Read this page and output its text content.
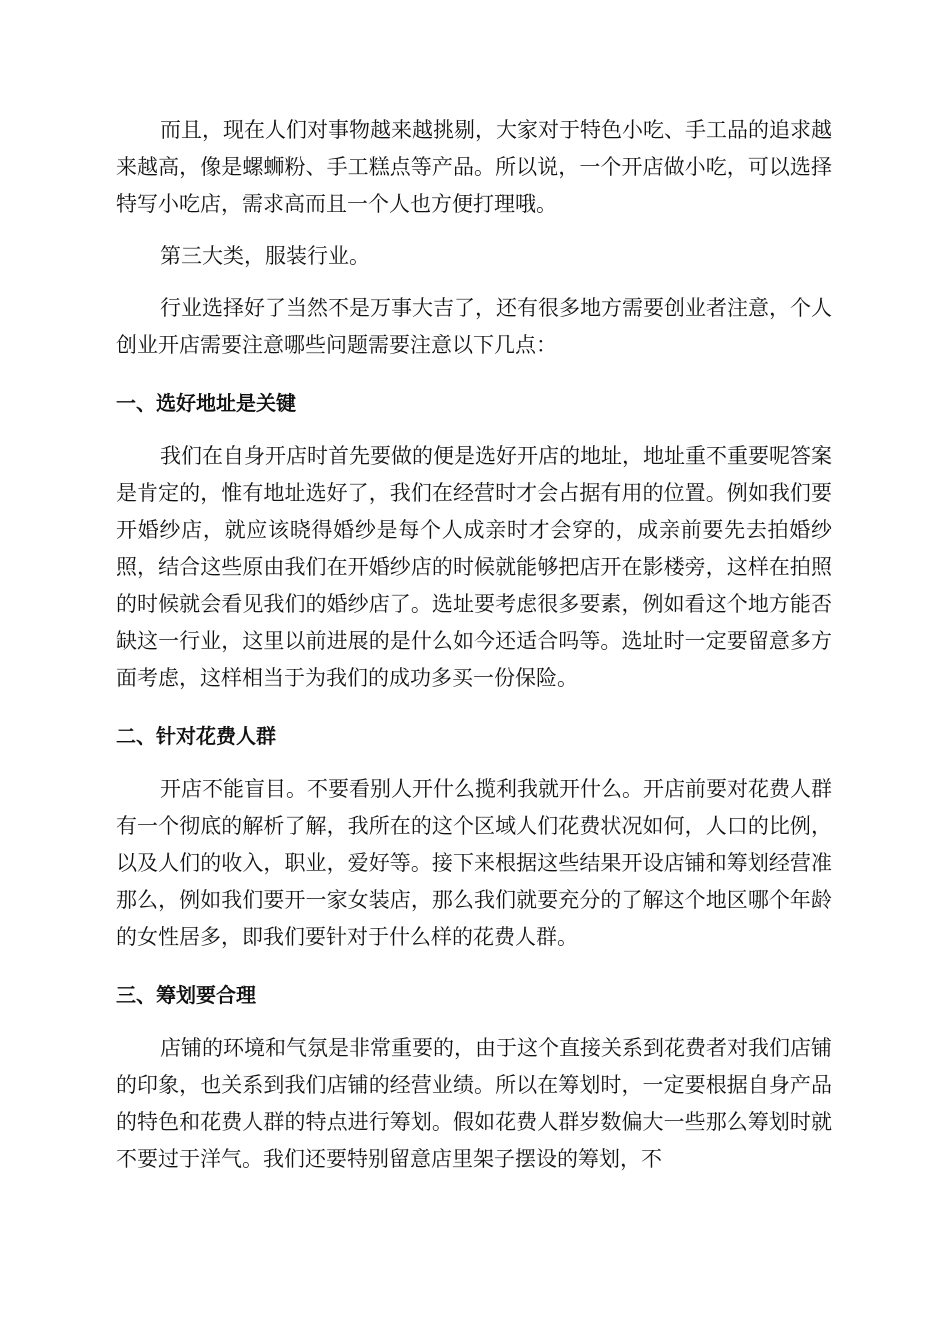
而且，现在人们对事物越来越挑剔，大家对于特色小吃、手工品的追求越来越高，像是螺蛳粉、手工糕点等产品。所以说，一个开店做小吃，可以选择特写小吃店，需求高而且一个人也方便打理哦。

第三大类，服装行业。

行业选择好了当然不是万事大吉了，还有很多地方需要创业者注意，个人创业开店需要注意哪些问题需要注意以下几点：

一、选好地址是关键

我们在自身开店时首先要做的便是选好开店的地址，地址重不重要呢答案是肯定的，惟有地址选好了，我们在经营时才会占据有用的位置。例如我们要开婚纱店，就应该晓得婚纱是每个人成亲时才会穿的，成亲前要先去拍婚纱照，结合这些原由我们在开婚纱店的时候就能够把店开在影楼旁，这样在拍照的时候就会看见我们的婚纱店了。选址要考虑很多要素，例如看这个地方能否缺这一行业，这里以前进展的是什么如今还适合吗等。选址时一定要留意多方面考虑，这样相当于为我们的成功多买一份保险。

二、针对花费人群

开店不能盲目。不要看别人开什么揽利我就开什么。开店前要对花费人群有一个彻底的解析了解，我所在的这个区域人们花费状况如何，人口的比例，以及人们的收入，职业，爱好等。接下来根据这些结果开设店铺和筹划经营准那么，例如我们要开一家女装店，那么我们就要充分的了解这个地区哪个年龄的女性居多，即我们要针对于什么样的花费人群。

三、筹划要合理

店铺的环境和气氛是非常重要的，由于这个直接关系到花费者对我们店铺的印象，也关系到我们店铺的经营业绩。所以在筹划时，一定要根据自身产品的特色和花费人群的特点进行筹划。假如花费人群岁数偏大一些那么筹划时就不要过于洋气。我们还要特别留意店里架子摆设的筹划，不
